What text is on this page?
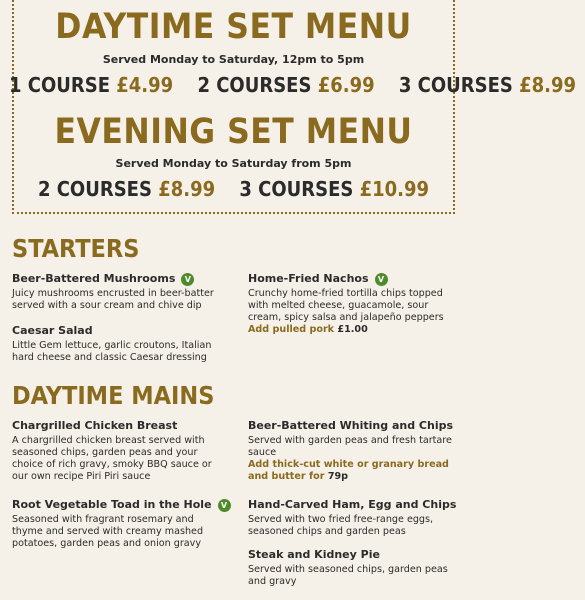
DAYTIME SET MENU
Served Monday to Saturday, 12pm to 5pm
1 COURSE £4.99 2 COURSES £6.99 3 COURSES £8.99
EVENING SET MENU
Served Monday to Saturday from 5pm
2 COURSES £8.99 3 COURSES £10.99
STARTERS
Beer-Battered Mushrooms V
Juicy mushrooms encrusted in beer-batter served with a sour cream and chive dip
Caesar Salad
Little Gem lettuce, garlic croutons, Italian hard cheese and classic Caesar dressing
Home-Fried Nachos V
Crunchy home-fried tortilla chips topped with melted cheese, guacamole, sour cream, spicy salsa and jalapeño peppers
Add pulled pork £1.00
DAYTIME MAINS
Chargrilled Chicken Breast
A chargrilled chicken breast served with seasoned chips, garden peas and your choice of rich gravy, smoky BBQ sauce or our own recipe Piri Piri sauce
Root Vegetable Toad in the Hole V
Seasoned with fragrant rosemary and thyme and served with creamy mashed potatoes, garden peas and onion gravy
Beer-Battered Whiting and Chips
Served with garden peas and fresh tartare sauce
Add thick-cut white or granary bread and butter for 79p
Hand-Carved Ham, Egg and Chips
Served with two fried free-range eggs, seasoned chips and garden peas
Steak and Kidney Pie
Served with seasoned chips, garden peas and gravy
